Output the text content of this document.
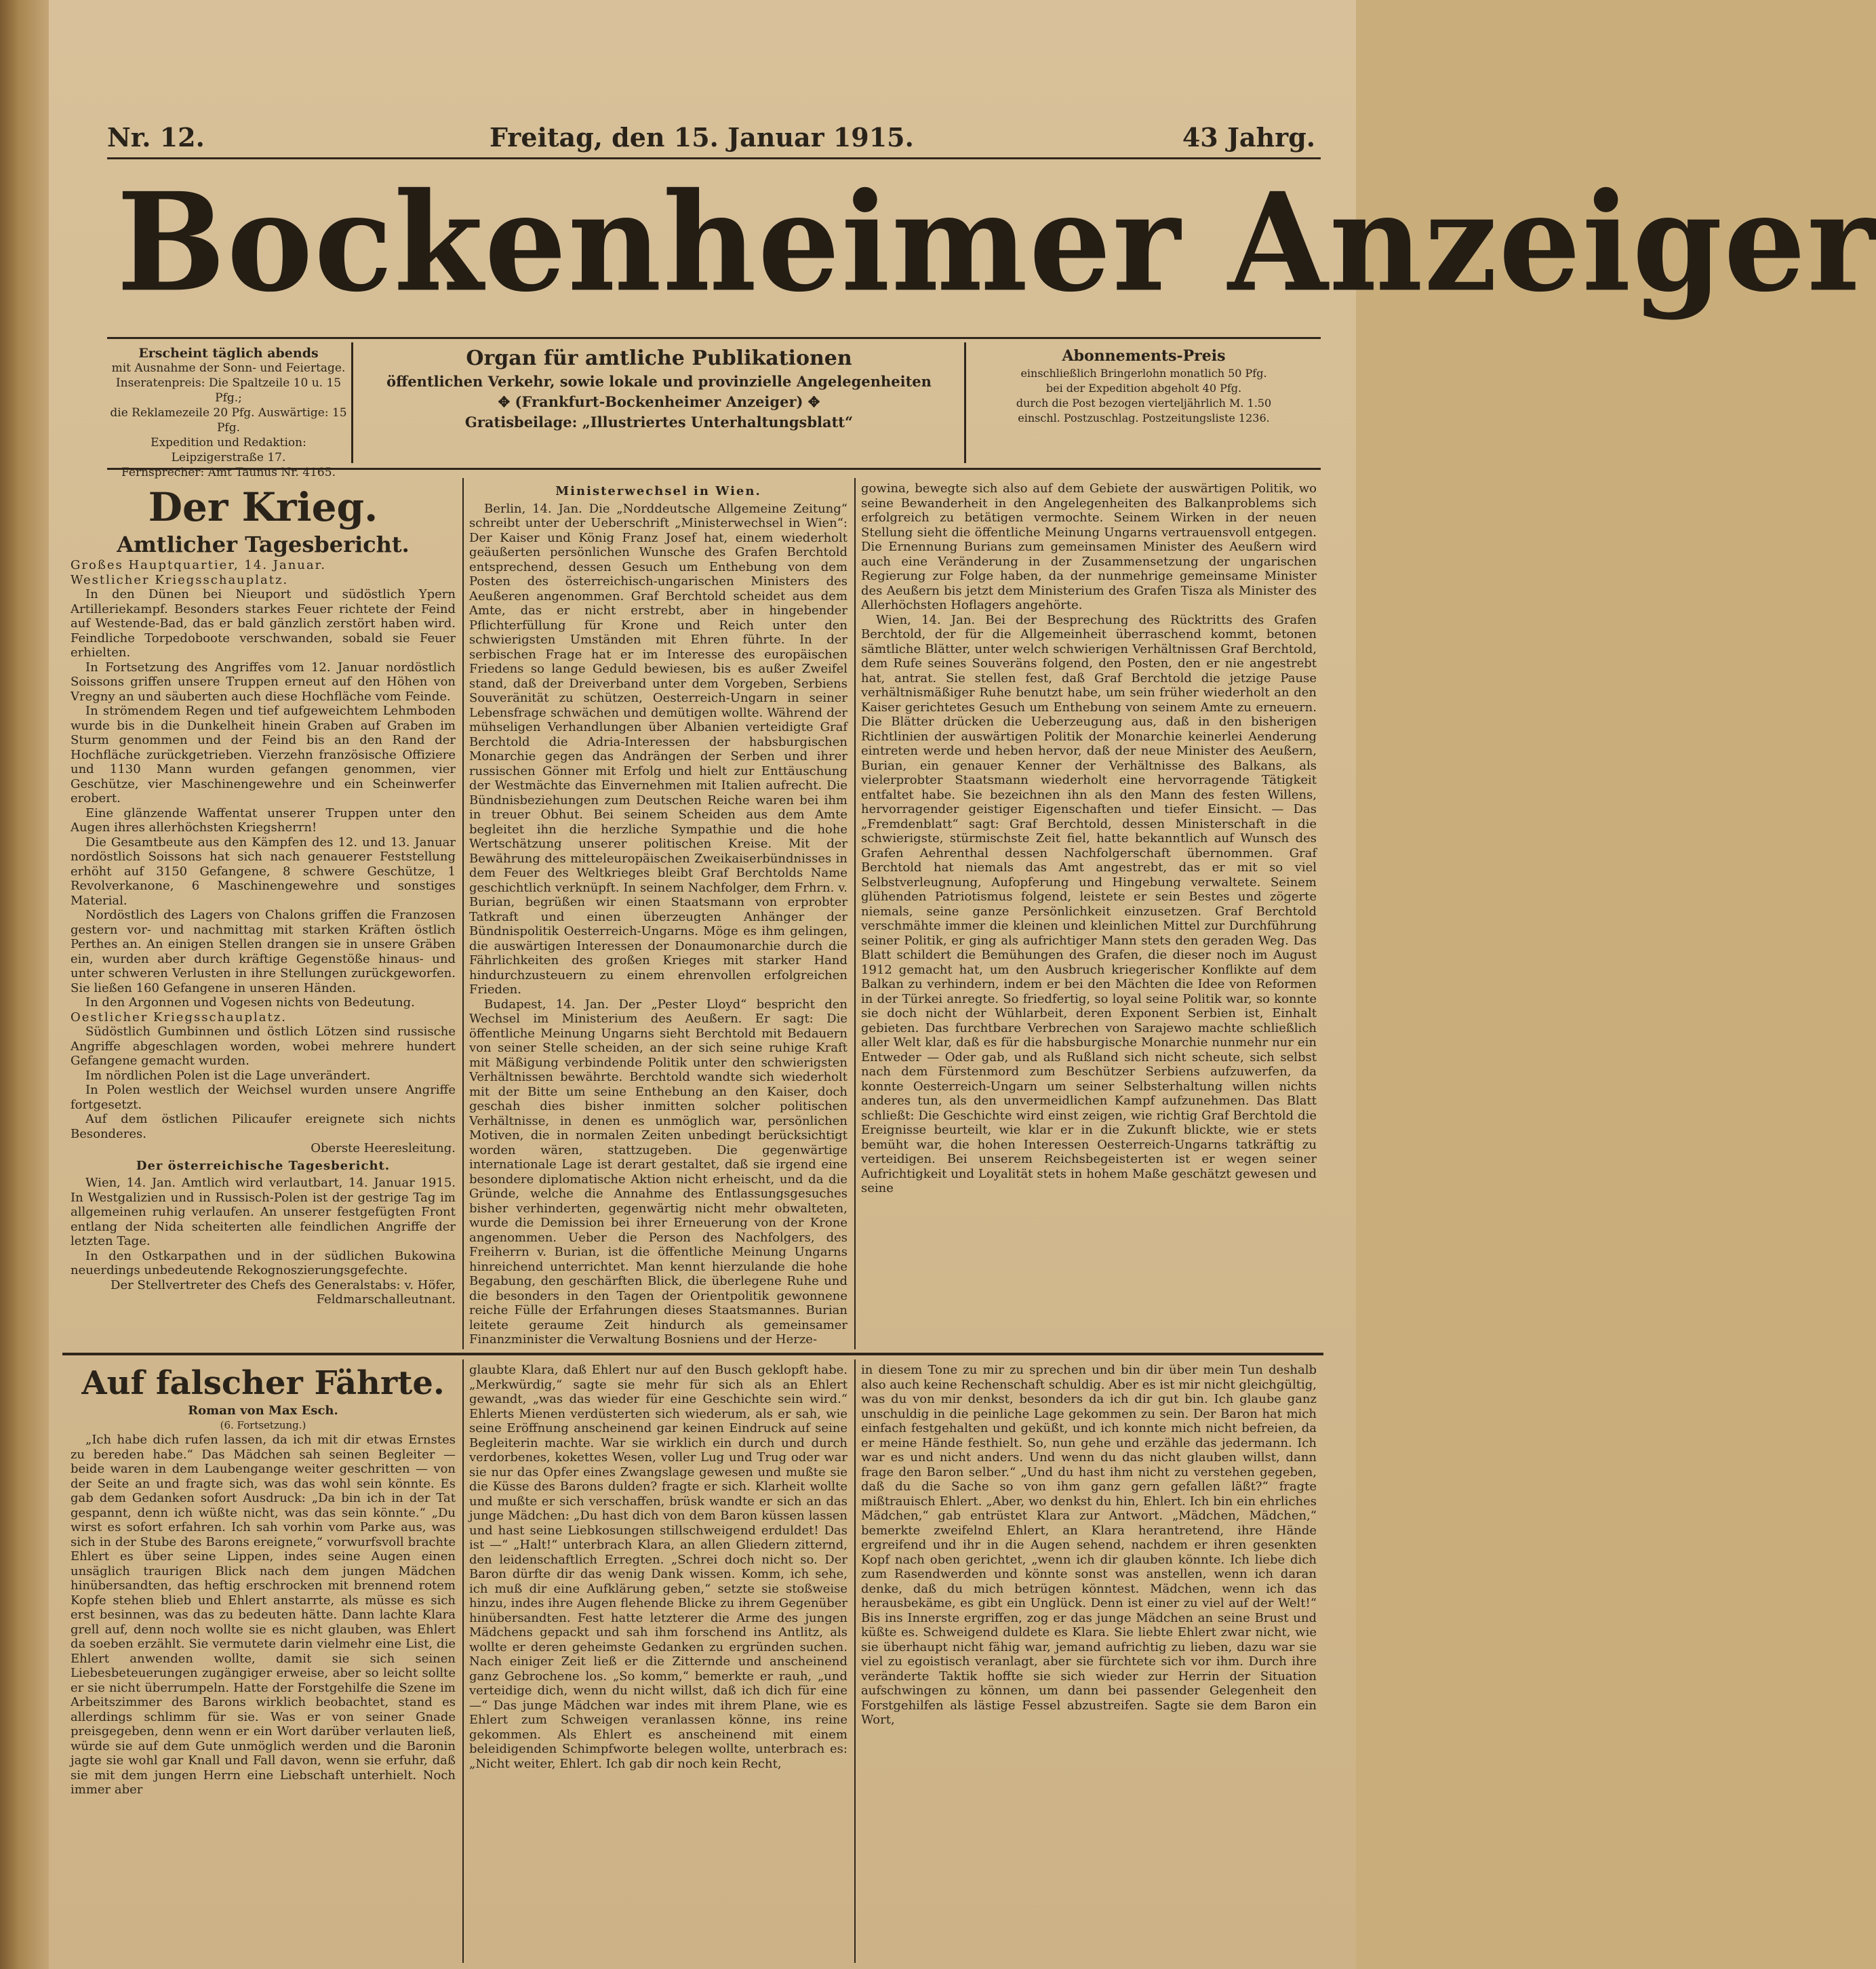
Nr. 12.	Freitag, den 15. Januar 1915.	43 Jahrg.
Bockenheimer Anzeiger
Erscheint täglich abends
mit Ausnahme der Sonn- und Feiertage.
Inseratenpreis: Die Spaltzeile 10 u. 15 Pfg.;
die Reklamezeile 20 Pfg. Auswärtige: 15 Pfg.
Expedition und Redaktion: Leipzigerstraße 17.
Fernsprecher: Amt Taunus Nr. 4165.
Organ für amtliche Publikationen
öffentlichen Verkehr, sowie lokale und provinzielle Angelegenheiten
✥ (Frankfurt-Bockenheimer Anzeiger) ✥
Gratisbeilage: „Illustriertes Unterhaltungsblatt“
Abonnements-Preis
einschließlich Bringerlohn monatlich 50 Pfg.
bei der Expedition abgeholt 40 Pfg.
durch die Post bezogen vierteljährlich M. 1.50
einschl. Postzuschlag. Postzeitungsliste 1236.
Der Krieg.
Amtlicher Tagesbericht.

Großes Hauptquartier, 14. Januar.

Westlicher Kriegsschauplatz.

In den Dünen bei Nieuport und südöstlich Ypern Artilleriekampf. Besonders starkes Feuer richtete der Feind auf Westende-Bad, das er bald gänzlich zerstört haben wird. Feindliche Torpedoboote verschwanden, sobald sie Feuer erhielten.

In Fortsetzung des Angriffes vom 12. Januar nordöstlich Soissons griffen unsere Truppen erneut auf den Höhen von Vregny an und säuberten auch diese Hochfläche vom Feinde.

In strömendem Regen und tief aufgeweichtem Lehmboden wurde bis in die Dunkelheit hinein Graben auf Graben im Sturm genommen und der Feind bis an den Rand der Hochfläche zurückgetrieben. Vierzehn französische Offiziere und 1130 Mann wurden gefangen genommen, vier Geschütze, vier Maschinengewehre und ein Scheinwerfer erobert.

Eine glänzende Waffentat unserer Truppen unter den Augen ihres allerhöchsten Kriegsherrn!

Die Gesamtbeute aus den Kämpfen des 12. und 13. Januar nordöstlich Soissons hat sich nach genauerer Feststellung erhöht auf 3150 Gefangene, 8 schwere Geschütze, 1 Revolverkanone, 6 Maschinengewehre und sonstiges Material.

Nordöstlich des Lagers von Chalons griffen die Franzosen gestern vor- und nachmittag mit starken Kräften östlich Perthes an. An einigen Stellen drangen sie in unsere Gräben ein, wurden aber durch kräftige Gegenstöße hinaus- und unter schweren Verlusten in ihre Stellungen zurückgeworfen. Sie ließen 160 Gefangene in unseren Händen.

In den Argonnen und Vogesen nichts von Bedeutung.

Oestlicher Kriegsschauplatz.

Südöstlich Gumbinnen und östlich Lötzen sind russische Angriffe abgeschlagen worden, wobei mehrere hundert Gefangene gemacht wurden.

Im nördlichen Polen ist die Lage unverändert.

In Polen westlich der Weichsel wurden unsere Angriffe fortgesetzt.

Auf dem östlichen Pilicaufer ereignete sich nichts Besonderes.

Oberste Heeresleitung.

Der österreichische Tagesbericht.

Wien, 14. Jan. Amtlich wird verlautbart, 14. Januar 1915. In Westgalizien und in Russisch-Polen ist der gestrige Tag im allgemeinen ruhig verlaufen. An unserer festgefügten Front entlang der Nida scheiterten alle feindlichen Angriffe der letzten Tage.

In den Ostkarpathen und in der südlichen Bukowina neuerdings unbedeutende Rekognoszierungsgefechte.

Der Stellvertreter des Chefs des Generalstabs: v. Höfer, Feldmarschalleutnant.

Ministerwechsel in Wien.

Berlin, 14. Jan. Die „Norddeutsche Allgemeine Zeitung“ schreibt unter der Ueberschrift „Ministerwechsel in Wien“: Der Kaiser und König Franz Josef hat, einem wiederholt geäußerten persönlichen Wunsche des Grafen Berchtold entsprechend, dessen Gesuch um Enthebung von dem Posten des österreichisch-ungarischen Ministers des Aeußeren angenommen. Graf Berchtold scheidet aus dem Amte, das er nicht erstrebt, aber in hingebender Pflichterfüllung für Krone und Reich unter den schwierigsten Umständen mit Ehren führte. In der serbischen Frage hat er im Interesse des europäischen Friedens so lange Geduld bewiesen, bis es außer Zweifel stand, daß der Dreiverband unter dem Vorgeben, Serbiens Souveränität zu schützen, Oesterreich-Ungarn in seiner Lebensfrage schwächen und demütigen wollte. Während der mühseligen Verhandlungen über Albanien verteidigte Graf Berchtold die Adria-Interessen der habsburgischen Monarchie gegen das Andrängen der Serben und ihrer russischen Gönner mit Erfolg und hielt zur Enttäuschung der Westmächte das Einvernehmen mit Italien aufrecht. Die Bündnisbeziehungen zum Deutschen Reiche waren bei ihm in treuer Obhut. Bei seinem Scheiden aus dem Amte begleitet ihn die herzliche Sympathie und die hohe Wertschätzung unserer politischen Kreise. Mit der Bewährung des mitteleuropäischen Zweikaiserbündnisses in dem Feuer des Weltkrieges bleibt Graf Berchtolds Name geschichtlich verknüpft. In seinem Nachfolger, dem Frhrn. v. Burian, begrüßen wir einen Staatsmann von erprobter Tatkraft und einen überzeugten Anhänger der Bündnispolitik Oesterreich-Ungarns. Möge es ihm gelingen, die auswärtigen Interessen der Donaumonarchie durch die Fährlichkeiten des großen Krieges mit starker Hand hindurchzusteuern zu einem ehrenvollen erfolgreichen Frieden.

Budapest, 14. Jan. Der „Pester Lloyd“ bespricht den Wechsel im Ministerium des Aeußern. Er sagt: Die öffentliche Meinung Ungarns sieht Berchtold mit Bedauern von seiner Stelle scheiden, an der sich seine ruhige Kraft mit Mäßigung verbindende Politik unter den schwierigsten Verhältnissen bewährte. Berchtold wandte sich wiederholt mit der Bitte um seine Enthebung an den Kaiser, doch geschah dies bisher inmitten solcher politischen Verhältnisse, in denen es unmöglich war, persönlichen Motiven, die in normalen Zeiten unbedingt berücksichtigt worden wären, stattzugeben. Die gegenwärtige internationale Lage ist derart gestaltet, daß sie irgend eine besondere diplomatische Aktion nicht erheischt, und da die Gründe, welche die Annahme des Entlassungsgesuches bisher verhinderten, gegenwärtig nicht mehr obwalteten, wurde die Demission bei ihrer Erneuerung von der Krone angenommen. Ueber die Person des Nachfolgers, des Freiherrn v. Burian, ist die öffentliche Meinung Ungarns hinreichend unterrichtet. Man kennt hierzulande die hohe Begabung, den geschärften Blick, die überlegene Ruhe und die besonders in den Tagen der Orientpolitik gewonnene reiche Fülle der Erfahrungen dieses Staatsmannes. Burian leitete geraume Zeit hindurch als gemeinsamer Finanzminister die Verwaltung Bosniens und der Herze-

gowina, bewegte sich also auf dem Gebiete der auswärtigen Politik, wo seine Bewanderheit in den Angelegenheiten des Balkanproblems sich erfolgreich zu betätigen vermochte. Seinem Wirken in der neuen Stellung sieht die öffentliche Meinung Ungarns vertrauensvoll entgegen. Die Ernennung Burians zum gemeinsamen Minister des Aeußern wird auch eine Veränderung in der Zusammensetzung der ungarischen Regierung zur Folge haben, da der nunmehrige gemeinsame Minister des Aeußern bis jetzt dem Ministerium des Grafen Tisza als Minister des Allerhöchsten Hoflagers angehörte.

Wien, 14. Jan. Bei der Besprechung des Rücktritts des Grafen Berchtold, der für die Allgemeinheit überraschend kommt, betonen sämtliche Blätter, unter welch schwierigen Verhältnissen Graf Berchtold, dem Rufe seines Souveräns folgend, den Posten, den er nie angestrebt hat, antrat. Sie stellen fest, daß Graf Berchtold die jetzige Pause verhältnismäßiger Ruhe benutzt habe, um sein früher wiederholt an den Kaiser gerichtetes Gesuch um Enthebung von seinem Amte zu erneuern. Die Blätter drücken die Ueberzeugung aus, daß in den bisherigen Richtlinien der auswärtigen Politik der Monarchie keinerlei Aenderung eintreten werde und heben hervor, daß der neue Minister des Aeußern, Burian, ein genauer Kenner der Verhältnisse des Balkans, als vielerprobter Staatsmann wiederholt eine hervorragende Tätigkeit entfaltet habe. Sie bezeichnen ihn als den Mann des festen Willens, hervorragender geistiger Eigenschaften und tiefer Einsicht. — Das „Fremdenblatt“ sagt: Graf Berchtold, dessen Ministerschaft in die schwierigste, stürmischste Zeit fiel, hatte bekanntlich auf Wunsch des Grafen Aehrenthal dessen Nachfolgerschaft übernommen. Graf Berchtold hat niemals das Amt angestrebt, das er mit so viel Selbstverleugnung, Aufopferung und Hingebung verwaltete. Seinem glühenden Patriotismus folgend, leistete er sein Bestes und zögerte niemals, seine ganze Persönlichkeit einzusetzen. Graf Berchtold verschmähte immer die kleinen und kleinlichen Mittel zur Durchführung seiner Politik, er ging als aufrichtiger Mann stets den geraden Weg. Das Blatt schildert die Bemühungen des Grafen, die dieser noch im August 1912 gemacht hat, um den Ausbruch kriegerischer Konflikte auf dem Balkan zu verhindern, indem er bei den Mächten die Idee von Reformen in der Türkei anregte. So friedfertig, so loyal seine Politik war, so konnte sie doch nicht der Wühlarbeit, deren Exponent Serbien ist, Einhalt gebieten. Das furchtbare Verbrechen von Sarajewo machte schließlich aller Welt klar, daß es für die habsburgische Monarchie nunmehr nur ein Entweder — Oder gab, und als Rußland sich nicht scheute, sich selbst nach dem Fürstenmord zum Beschützer Serbiens aufzuwerfen, da konnte Oesterreich-Ungarn um seiner Selbsterhaltung willen nichts anderes tun, als den unvermeidlichen Kampf aufzunehmen. Das Blatt schließt: Die Geschichte wird einst zeigen, wie richtig Graf Berchtold die Ereignisse beurteilt, wie klar er in die Zukunft blickte, wie er stets bemüht war, die hohen Interessen Oesterreich-Ungarns tatkräftig zu verteidigen. Bei unserem Reichsbegeisterten ist er wegen seiner Aufrichtigkeit und Loyalität stets in hohem Maße geschätzt gewesen und seine

Auf falscher Fährte.
Roman von Max Esch.
(6. Fortsetzung.)

„Ich habe dich rufen lassen, da ich mit dir etwas Ernstes zu bereden habe.“ Das Mädchen sah seinen Begleiter — beide waren in dem Laubengange weiter geschritten — von der Seite an und fragte sich, was das wohl sein könnte. Es gab dem Gedanken sofort Ausdruck: „Da bin ich in der Tat gespannt, denn ich wüßte nicht, was das sein könnte.“ „Du wirst es sofort erfahren. Ich sah vorhin vom Parke aus, was sich in der Stube des Barons ereignete,“ vorwurfsvoll brachte Ehlert es über seine Lippen, indes seine Augen einen unsäglich traurigen Blick nach dem jungen Mädchen hinübersandten, das heftig erschrocken mit brennend rotem Kopfe stehen blieb und Ehlert anstarrte, als müsse es sich erst besinnen, was das zu bedeuten hätte. Dann lachte Klara grell auf, denn noch wollte sie es nicht glauben, was Ehlert da soeben erzählt. Sie vermutete darin vielmehr eine List, die Ehlert anwenden wollte, damit sie sich seinen Liebesbeteuerungen zugängiger erweise, aber so leicht sollte er sie nicht überrumpeln. Hatte der Forstgehilfe die Szene im Arbeitszimmer des Barons wirklich beobachtet, stand es allerdings schlimm für sie. Was er von seiner Gnade preisgegeben, denn wenn er ein Wort darüber verlauten ließ, würde sie auf dem Gute unmöglich werden und die Baronin jagte sie wohl gar Knall und Fall davon, wenn sie erfuhr, daß sie mit dem jungen Herrn eine Liebschaft unterhielt. Noch immer aber

glaubte Klara, daß Ehlert nur auf den Busch geklopft habe. „Merkwürdig,“ sagte sie mehr für sich als an Ehlert gewandt, „was das wieder für eine Geschichte sein wird.“ Ehlerts Mienen verdüsterten sich wiederum, als er sah, wie seine Eröffnung anscheinend gar keinen Eindruck auf seine Begleiterin machte. War sie wirklich ein durch und durch verdorbenes, kokettes Wesen, voller Lug und Trug oder war sie nur das Opfer eines Zwangslage gewesen und mußte sie die Küsse des Barons dulden? fragte er sich. Klarheit wollte und mußte er sich verschaffen, brüsk wandte er sich an das junge Mädchen: „Du hast dich von dem Baron küssen lassen und hast seine Liebkosungen stillschweigend erduldet! Das ist —“ „Halt!“ unterbrach Klara, an allen Gliedern zitternd, den leidenschaftlich Erregten. „Schrei doch nicht so. Der Baron dürfte dir das wenig Dank wissen. Komm, ich sehe, ich muß dir eine Aufklärung geben,“ setzte sie stoßweise hinzu, indes ihre Augen flehende Blicke zu ihrem Gegenüber hinübersandten. Fest hatte letzterer die Arme des jungen Mädchens gepackt und sah ihm forschend ins Antlitz, als wollte er deren geheimste Gedanken zu ergründen suchen. Nach einiger Zeit ließ er die Zitternde und anscheinend ganz Gebrochene los. „So komm,“ bemerkte er rauh, „und verteidige dich, wenn du nicht willst, daß ich dich für eine —“ Das junge Mädchen war indes mit ihrem Plane, wie es Ehlert zum Schweigen veranlassen könne, ins reine gekommen. Als Ehlert es anscheinend mit einem beleidigenden Schimpfworte belegen wollte, unterbrach es: „Nicht weiter, Ehlert. Ich gab dir noch kein Recht,

in diesem Tone zu mir zu sprechen und bin dir über mein Tun deshalb also auch keine Rechenschaft schuldig. Aber es ist mir nicht gleichgültig, was du von mir denkst, besonders da ich dir gut bin. Ich glaube ganz unschuldig in die peinliche Lage gekommen zu sein. Der Baron hat mich einfach festgehalten und geküßt, und ich konnte mich nicht befreien, da er meine Hände festhielt. So, nun gehe und erzähle das jedermann. Ich war es und nicht anders. Und wenn du das nicht glauben willst, dann frage den Baron selber.“ „Und du hast ihm nicht zu verstehen gegeben, daß du die Sache so von ihm ganz gern gefallen läßt?“ fragte mißtrauisch Ehlert. „Aber, wo denkst du hin, Ehlert. Ich bin ein ehrliches Mädchen,“ gab entrüstet Klara zur Antwort. „Mädchen, Mädchen,“ bemerkte zweifelnd Ehlert, an Klara herantretend, ihre Hände ergreifend und ihr in die Augen sehend, nachdem er ihren gesenkten Kopf nach oben gerichtet, „wenn ich dir glauben könnte. Ich liebe dich zum Rasendwerden und könnte sonst was anstellen, wenn ich daran denke, daß du mich betrügen könntest. Mädchen, wenn ich das herausbekäme, es gibt ein Unglück. Denn ist einer zu viel auf der Welt!“ Bis ins Innerste ergriffen, zog er das junge Mädchen an seine Brust und küßte es. Schweigend duldete es Klara. Sie liebte Ehlert zwar nicht, wie sie überhaupt nicht fähig war, jemand aufrichtig zu lieben, dazu war sie viel zu egoistisch veranlagt, aber sie fürchtete sich vor ihm. Durch ihre veränderte Taktik hoffte sie sich wieder zur Herrin der Situation aufschwingen zu können, um dann bei passender Gelegenheit den Forstgehilfen als lästige Fessel abzustreifen. Sagte sie dem Baron ein Wort,
